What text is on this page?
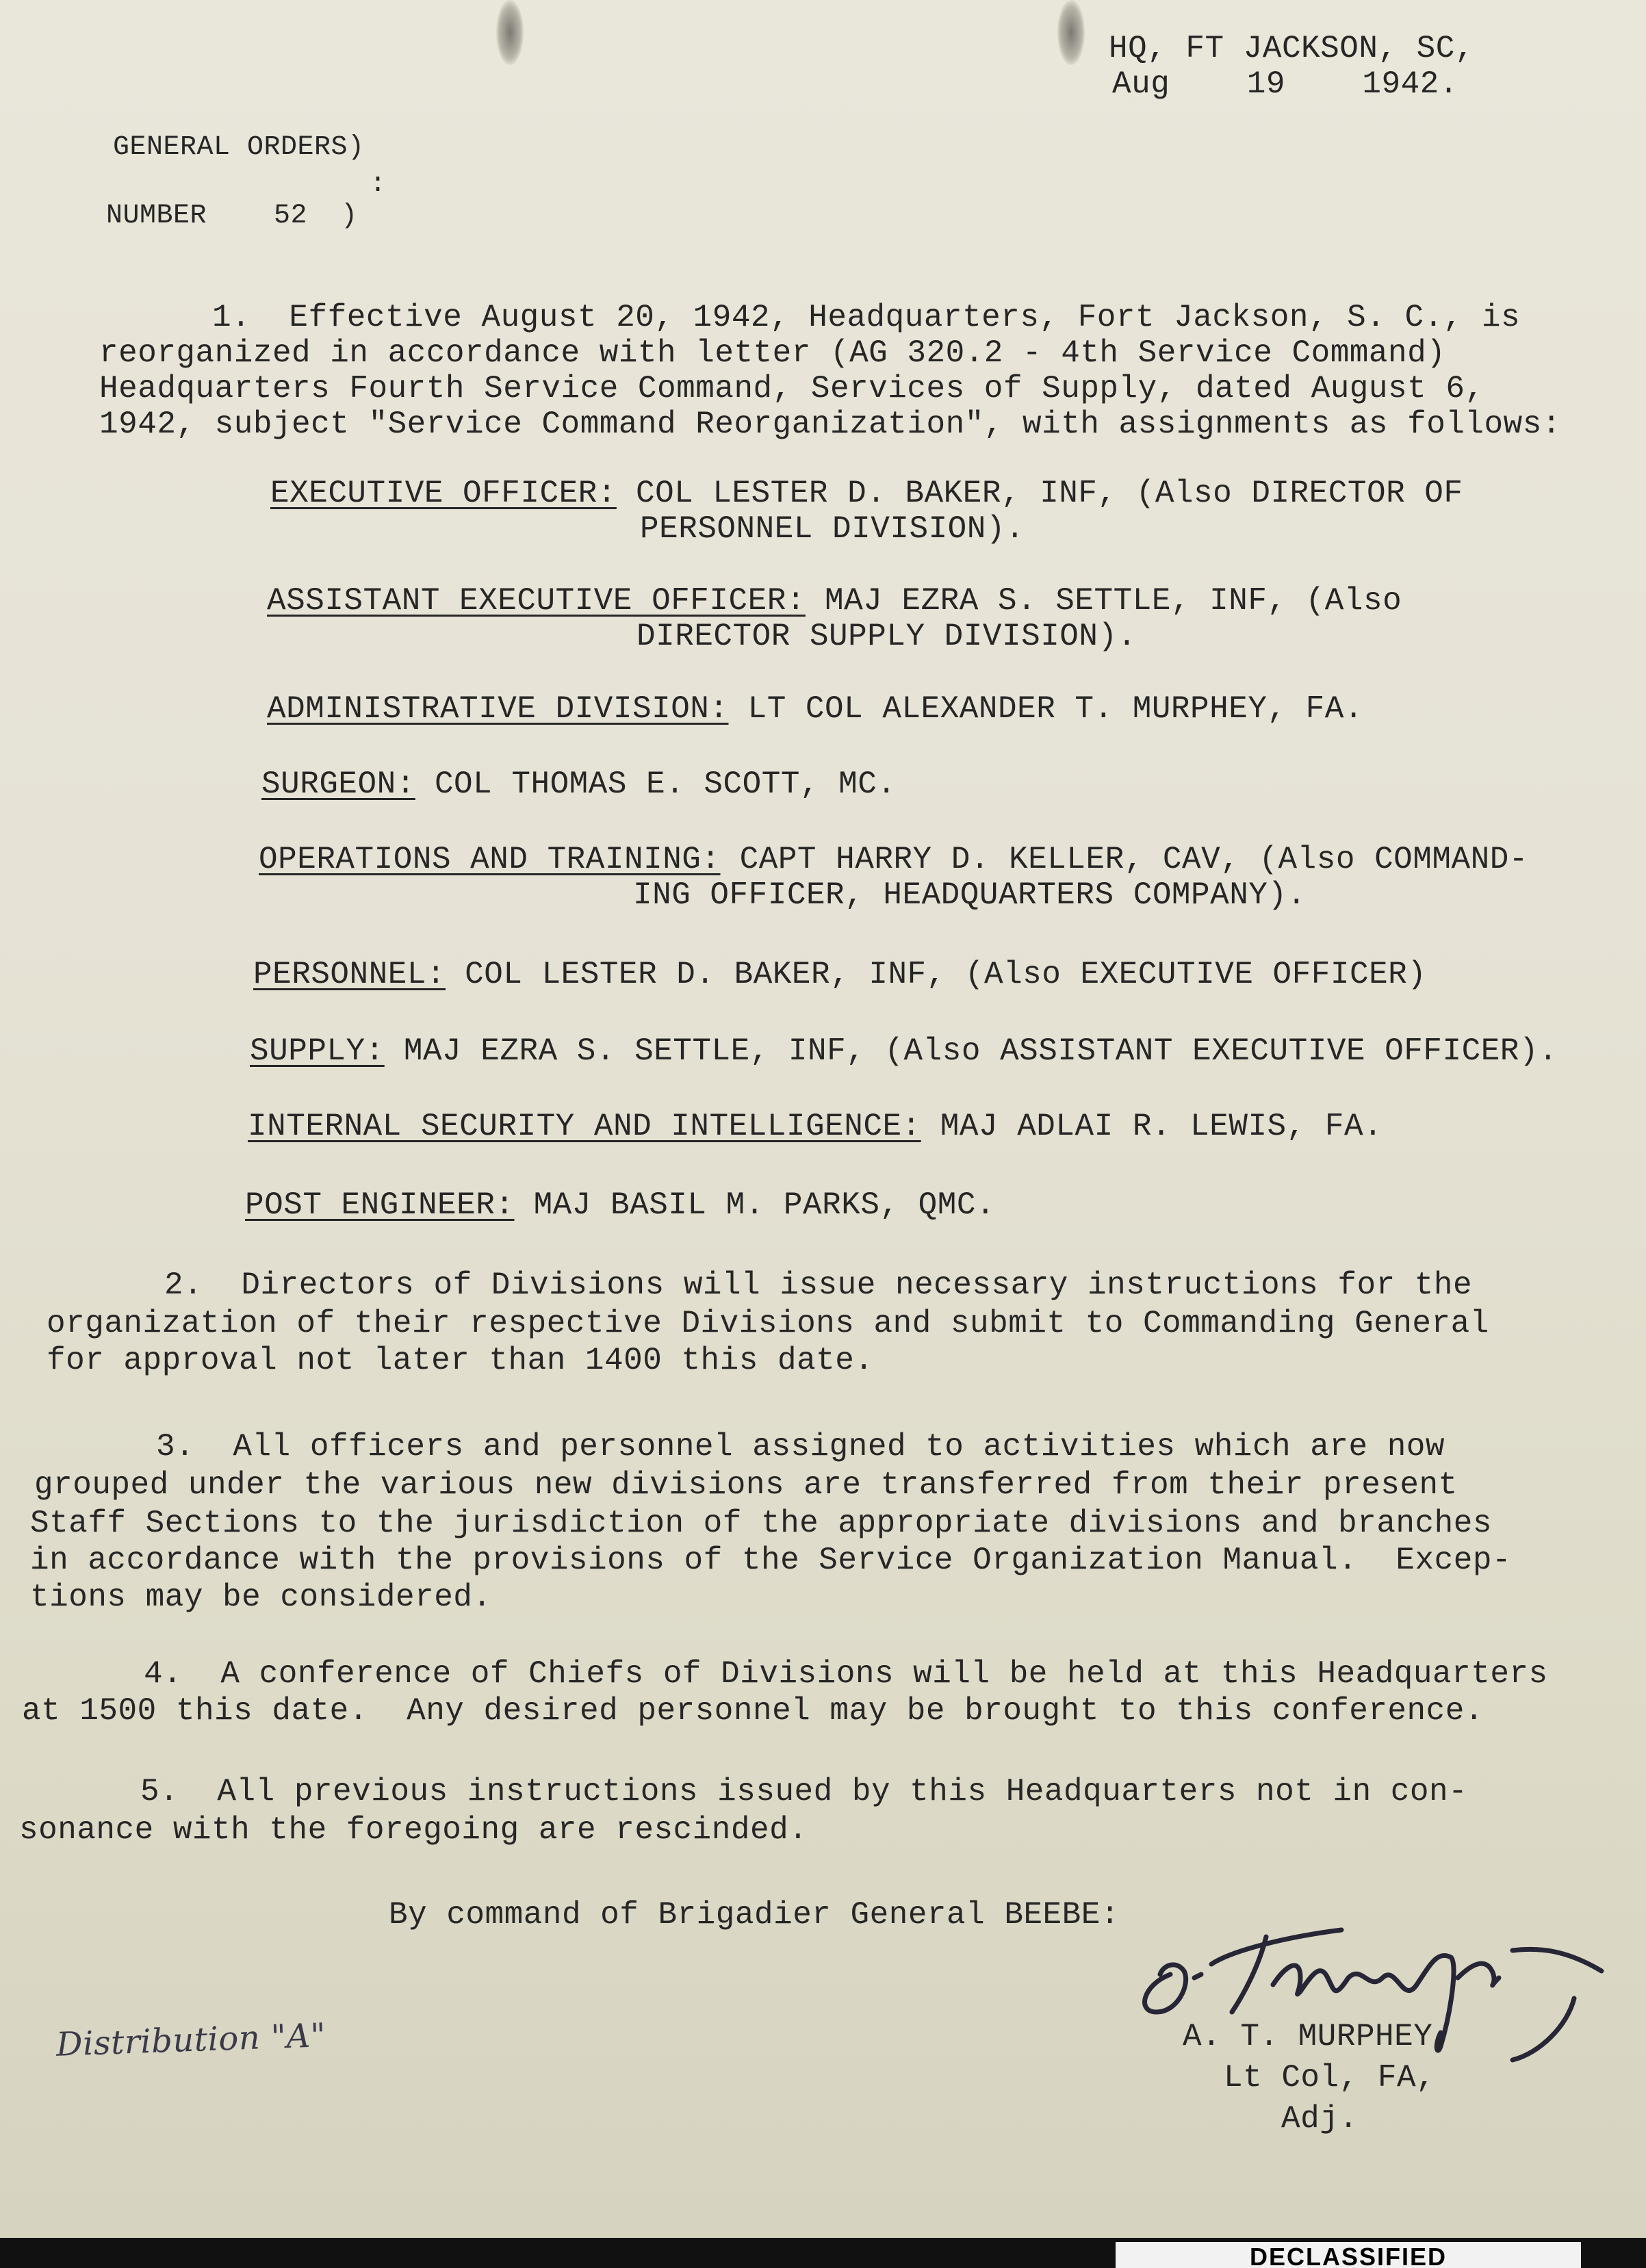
HQ, FT JACKSON, SC,
Aug    19    1942.
GENERAL ORDERS)
:
NUMBER    52  )
1.  Effective August 20, 1942, Headquarters, Fort Jackson, S. C., is
reorganized in accordance with letter (AG 320.2 - 4th Service Command)
Headquarters Fourth Service Command, Services of Supply, dated August 6,
1942, subject "Service Command Reorganization", with assignments as follows:
EXECUTIVE OFFICER: COL LESTER D. BAKER, INF, (Also DIRECTOR OF
PERSONNEL DIVISION).
ASSISTANT EXECUTIVE OFFICER: MAJ EZRA S. SETTLE, INF, (Also
DIRECTOR SUPPLY DIVISION).
ADMINISTRATIVE DIVISION: LT COL ALEXANDER T. MURPHEY, FA.
SURGEON: COL THOMAS E. SCOTT, MC.
OPERATIONS AND TRAINING: CAPT HARRY D. KELLER, CAV, (Also COMMAND-
ING OFFICER, HEADQUARTERS COMPANY).
PERSONNEL: COL LESTER D. BAKER, INF, (Also EXECUTIVE OFFICER)
SUPPLY: MAJ EZRA S. SETTLE, INF, (Also ASSISTANT EXECUTIVE OFFICER).
INTERNAL SECURITY AND INTELLIGENCE: MAJ ADLAI R. LEWIS, FA.
POST ENGINEER: MAJ BASIL M. PARKS, QMC.
2.  Directors of Divisions will issue necessary instructions for the
organization of their respective Divisions and submit to Commanding General
for approval not later than 1400 this date.
3.  All officers and personnel assigned to activities which are now
grouped under the various new divisions are transferred from their present
Staff Sections to the jurisdiction of the appropriate divisions and branches
in accordance with the provisions of the Service Organization Manual.  Excep-
tions may be considered.
4.  A conference of Chiefs of Divisions will be held at this Headquarters
at 1500 this date.  Any desired personnel may be brought to this conference.
5.  All previous instructions issued by this Headquarters not in con-
sonance with the foregoing are rescinded.
By command of Brigadier General BEEBE:
Distribution "A"	A. T. MURPHEY,
Lt Col, FA,
Adj.
DECLASSIFIED
